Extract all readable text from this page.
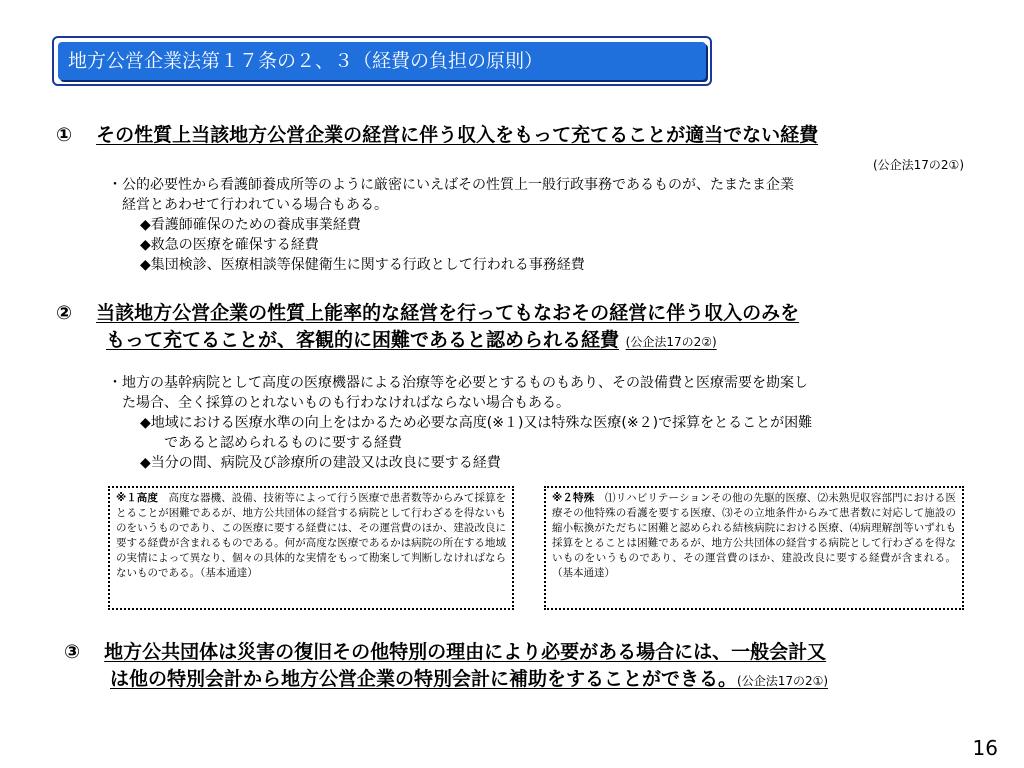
地方公営企業法第１７条の２、３（経費の負担の原則）
① その性質上当該地方公営企業の経営に伴う収入をもって充てることが適当でない経費
(公企法17の2①)
・公的必要性から看護師養成所等のように厳密にいえばその性質上一般行政事務であるものが、たまたま企業
経営とあわせて行われている場合もある。
◆看護師確保のための養成事業経費
◆救急の医療を確保する経費
◆集団検診、医療相談等保健衛生に関する行政として行われる事務経費
② 当該地方公営企業の性質上能率的な経営を行ってもなおその経営に伴う収入のみを
もって充てることが、客観的に困難であると認められる経費 (公企法17の2②)
・地方の基幹病院として高度の医療機器による治療等を必要とするものもあり、その設備費と医療需要を勘案し
た場合、全く採算のとれないものも行わなければならない場合もある。
◆地域における医療水準の向上をはかるため必要な高度(※１)又は特殊な医療(※２)で採算をとることが困難
であると認められるものに要する経費
◆当分の間、病院及び診療所の建設又は改良に要する経費
※１高度　高度な器機、設備、技術等によって行う医療で患者数等からみて採算をとることが困難であるが、地方公共団体の経営する病院として行わざるを得ないものをいうものであり、この医療に要する経費には、その運営費のほか、建設改良に要する経費が含まれるものである。何が高度な医療であるかは病院の所在する地域の実情によって異なり、個々の具体的な実情をもって勘案して判断しなければならないものである。（基本通達）
※２特殊　⑴リハビリテーションその他の先駆的医療、⑵未熟児収容部門における医療その他特殊の看護を要する医療、⑶その立地条件からみて患者数に対応して施設の縮小転換がただちに困難と認められる結核病院における医療、⑷病理解剖等いずれも採算をとることは困難であるが、地方公共団体の経営する病院として行わざるを得ないものをいうものであり、その運営費のほか、建設改良に要する経費が含まれる。（基本通達）
③ 地方公共団体は災害の復旧その他特別の理由により必要がある場合には、一般会計又
は他の特別会計から地方公営企業の特別会計に補助をすることができる。(公企法17の2①)
16
